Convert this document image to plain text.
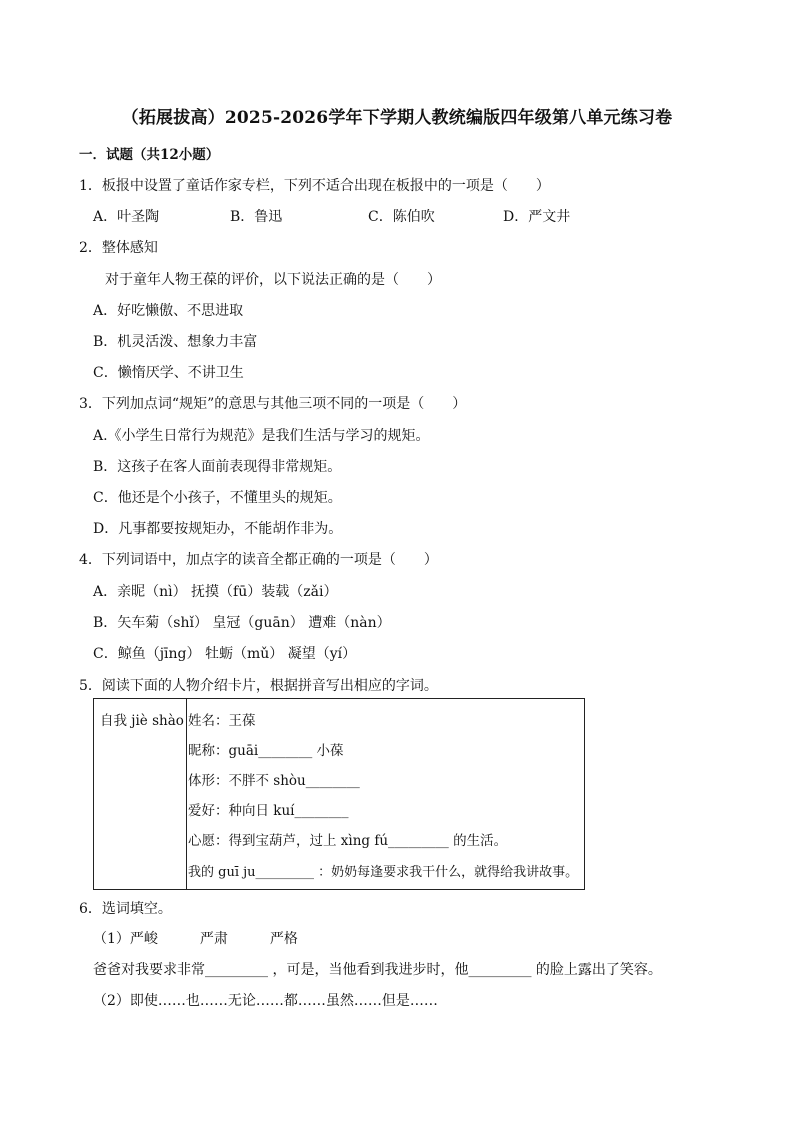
（拓展拔高）2025-2026学年下学期人教统编版四年级第八单元练习卷
一．试题（共12小题）
1．板报中设置了童话作家专栏，下列不适合出现在板报中的一项是（　　）
A．叶圣陶	B．鲁迅	C．陈伯吹	D．严文井
2．整体感知
对于童年人物王葆的评价，以下说法正确的是（　　）
A．好吃懒傲、不思进取
B．机灵活泼、想象力丰富
C．懒惰厌学、不讲卫生
3．下列加点词“规矩”的意思与其他三项不同的一项是（　　）
A.《小学生日常行为规范》是我们生活与学习的规矩。
B．这孩子在客人面前表现得非常规矩。
C．他还是个小孩子，不懂里头的规矩。
D．凡事都要按规矩办，不能胡作非为。
4．下列词语中，加点字的读音全都正确的一项是（　　）
A．亲昵（nì） 抚摸（fū）装载（zǎi）
B．矢车菊（shǐ） 皇冠（guān） 遭难（nàn）
C．鲸鱼（jīng） 牡蛎（mǔ） 凝望（yí）
5．阅读下面的人物介绍卡片，根据拼音写出相应的字词。
自我 jiè shào 姓名：王葆
昵称：guāi________ 小葆
体形：不胖不 shòu________
爱好：种向日 kuí________
心愿：得到宝葫芦，过上 xìng fú_________ 的生活。
我的 guī ju_________ ：奶奶每逢要求我干什么，就得给我讲故事。
6．选词填空。
（1）严峻　　　严肃　　　严格
爸爸对我要求非常_________ ，可是，当他看到我进步时，他_________ 的脸上露出了笑容。
（2）即使……也……无论……都……虽然……但是……
